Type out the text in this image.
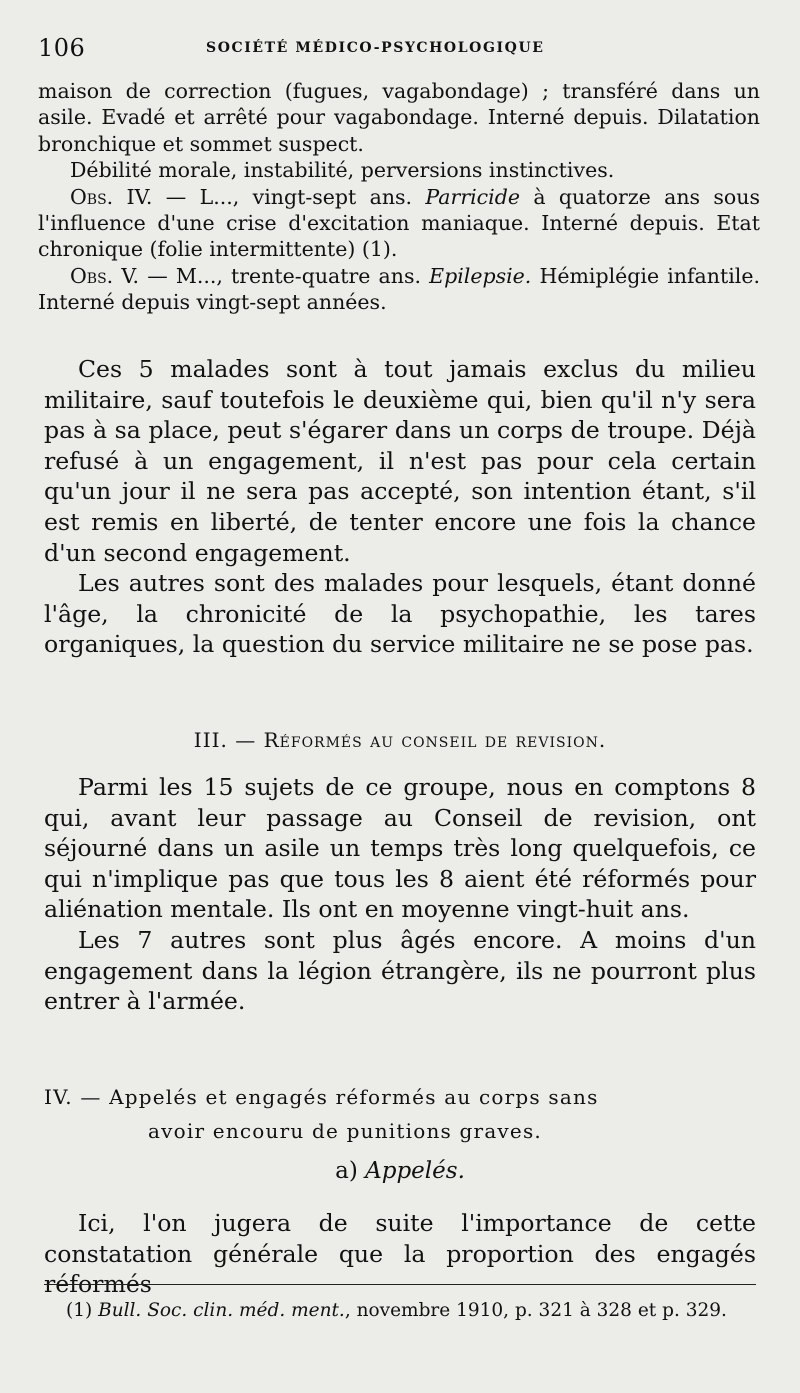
106	SOCIÉTÉ MÉDICO-PSYCHOLOGIQUE

maison de correction (fugues, vagabondage) ; transféré dans un asile. Evadé et arrêté pour vagabondage. Interné depuis. Dilatation bronchique et sommet suspect.

Débilité morale, instabilité, perversions instinctives.

Obs. IV. — L..., vingt-sept ans. Parricide à quatorze ans sous l'influence d'une crise d'excitation maniaque. Interné depuis. Etat chronique (folie intermittente) (1).

Obs. V. — M..., trente-quatre ans. Epilepsie. Hémiplégie infantile. Interné depuis vingt-sept années.

Ces 5 malades sont à tout jamais exclus du milieu militaire, sauf toutefois le deuxième qui, bien qu'il n'y sera pas à sa place, peut s'égarer dans un corps de troupe. Déjà refusé à un engagement, il n'est pas pour cela certain qu'un jour il ne sera pas accepté, son intention étant, s'il est remis en liberté, de tenter encore une fois la chance d'un second engagement.

Les autres sont des malades pour lesquels, étant donné l'âge, la chronicité de la psychopathie, les tares organiques, la question du service militaire ne se pose pas.

III. — Réformés au conseil de revision.

Parmi les 15 sujets de ce groupe, nous en comptons 8 qui, avant leur passage au Conseil de revision, ont séjourné dans un asile un temps très long quelquefois, ce qui n'implique pas que tous les 8 aient été réformés pour aliénation mentale. Ils ont en moyenne vingt-huit ans.

Les 7 autres sont plus âgés encore. A moins d'un engagement dans la légion étrangère, ils ne pourront plus entrer à l'armée.

IV. — Appelés et engagés réformés au corps sans
avoir encouru de punitions graves.
a) Appelés.

Ici, l'on jugera de suite l'importance de cette constatation générale que la proportion des engagés réformés

(1) Bull. Soc. clin. méd. ment., novembre 1910, p. 321 à 328 et p. 329.
